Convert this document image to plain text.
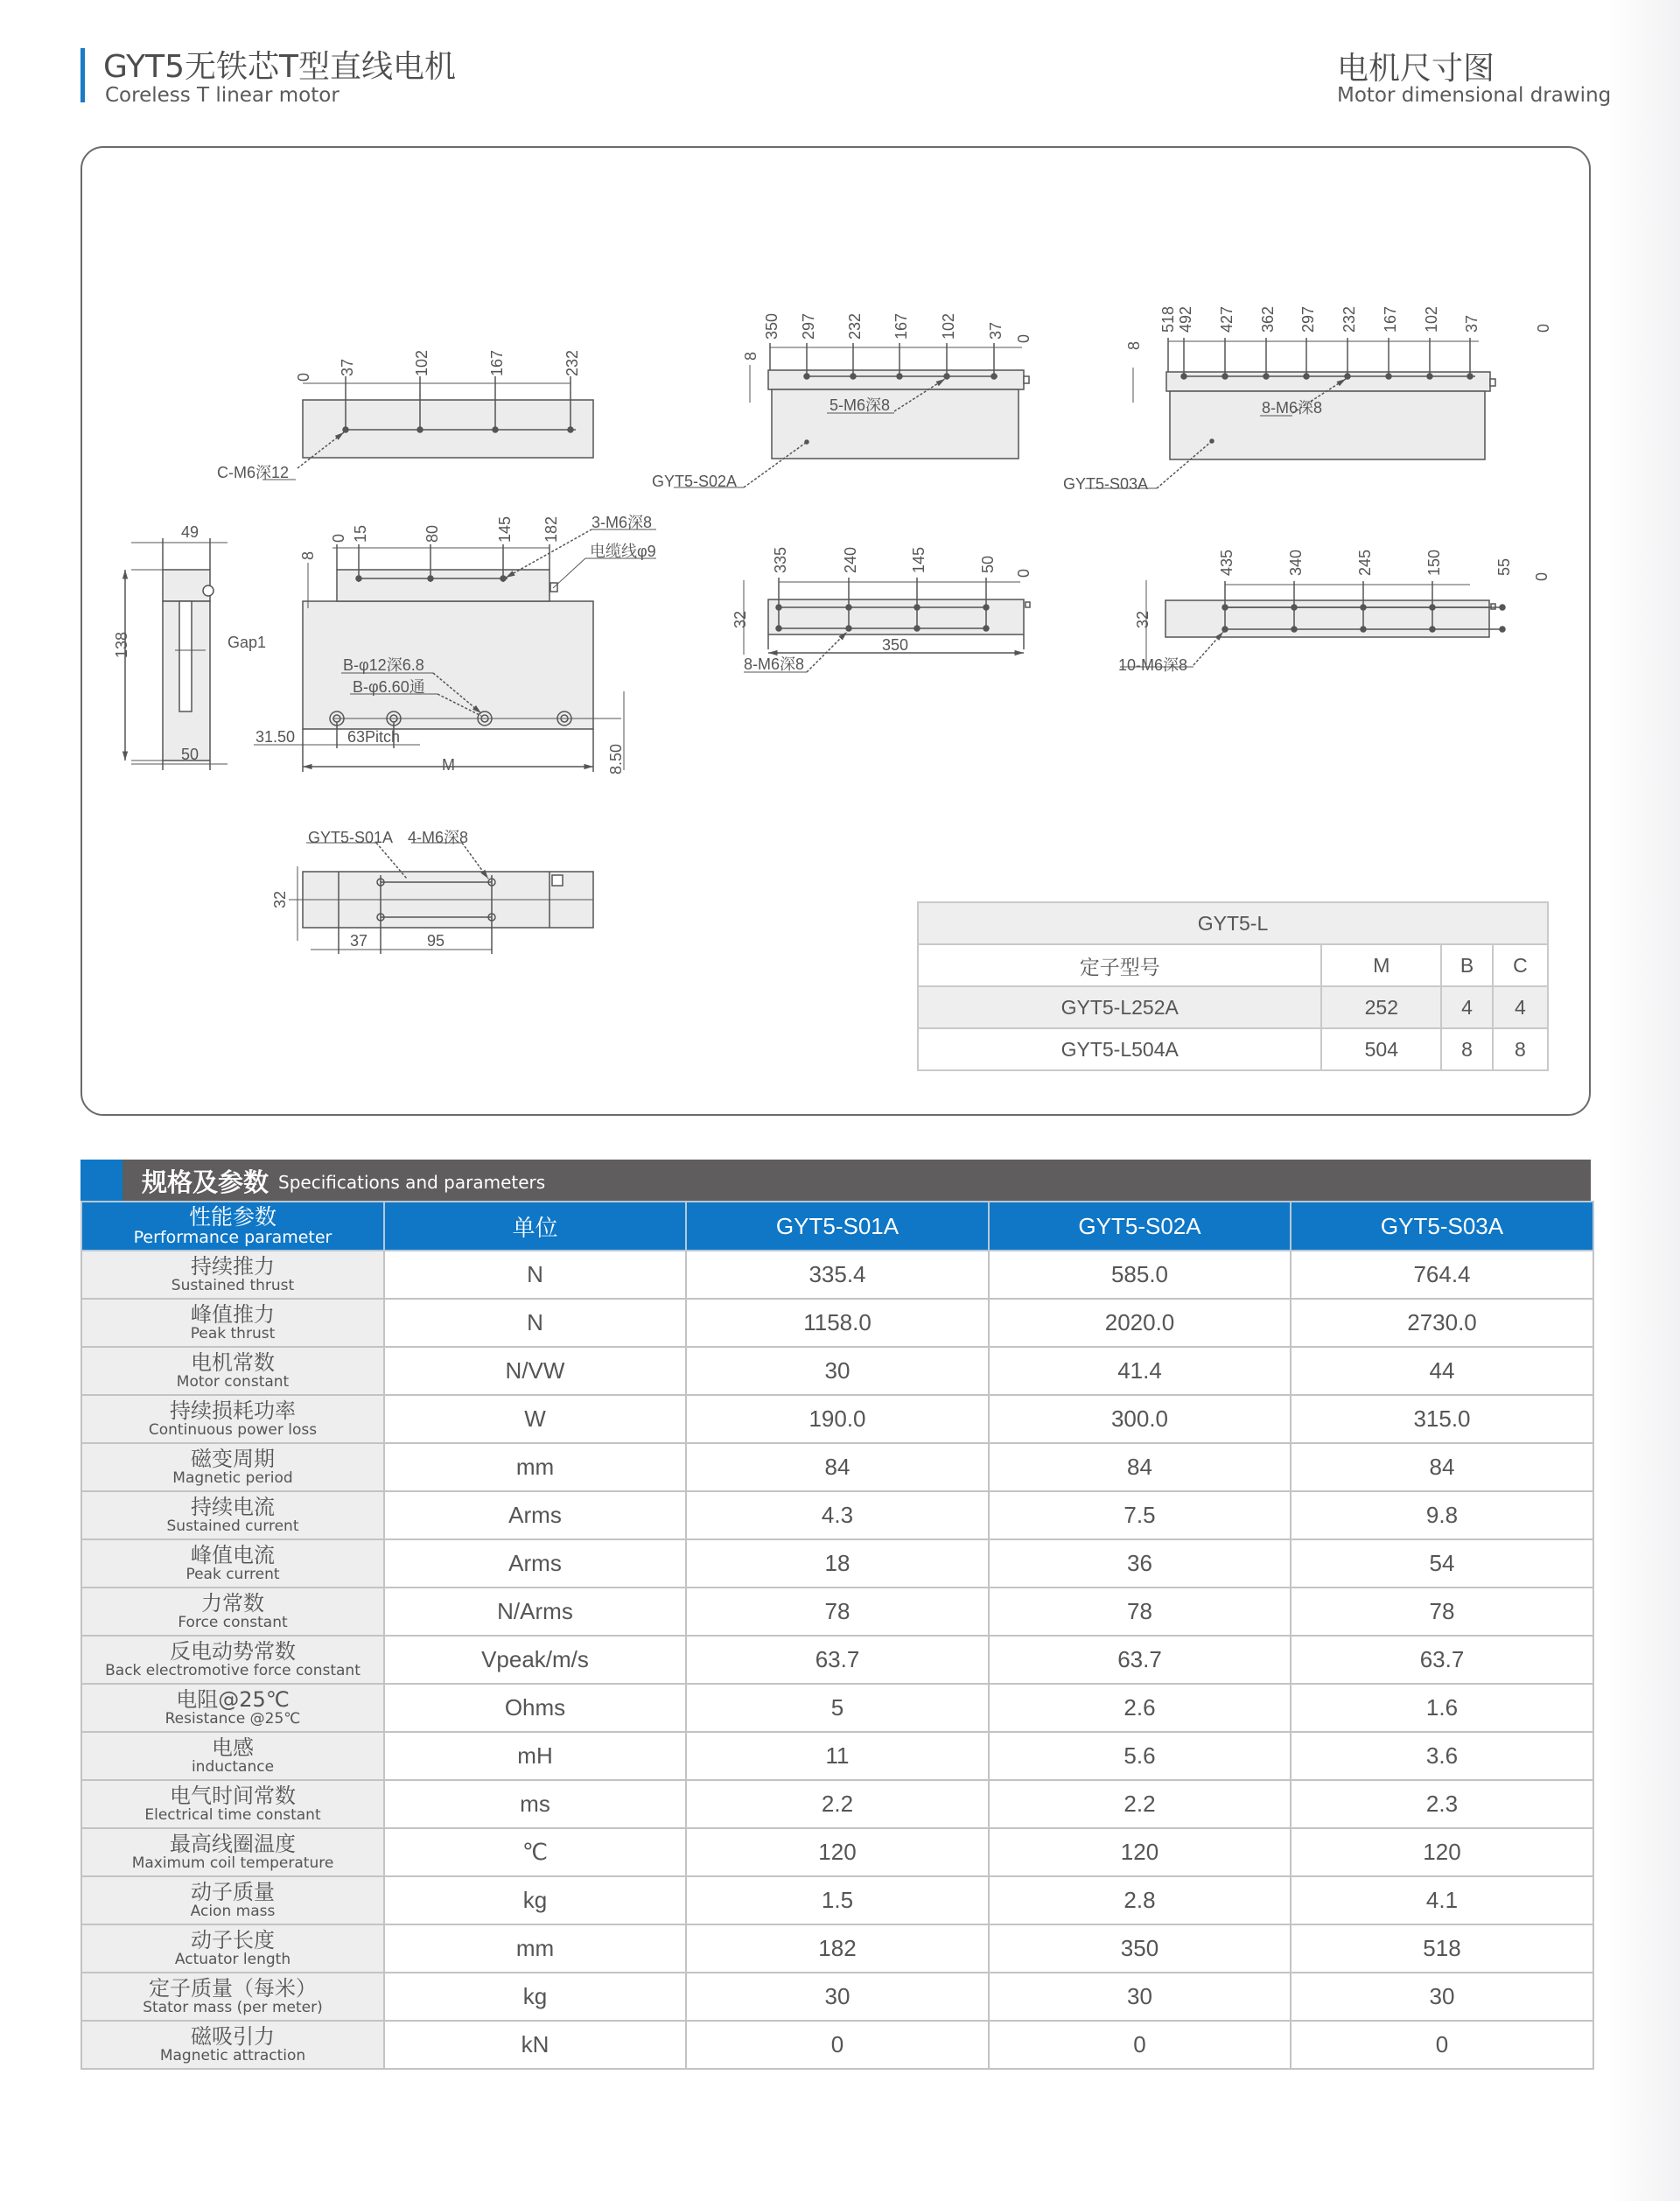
GYT5无铁芯T型直线电机
Coreless T linear motor
电机尺寸图
Motor dimensional drawing
0
37	102	167	232
C-M6深12
350 297 232 167 102 37 0
8
5-M6深8
GYT5-S02A
518 492 427 362 297 232 167 102 37	0
8
8-M6深8
GYT5-S03A
49
138	Gap1
50
0 15	80	145 182
8
3-M6深8
电缆线φ9
B-φ12深6.8
B-φ6.60通
31.50	63Pitch
M	8.50
335	240	145	50 0
32
350
8-M6深8
435	340	245	150	55
0
32
10-M6深8
GYT5-S01A 4-M6深8
32
37	95
GYT5-L			
定子型号	M	B	C
GYT5-L252A	252	4	4
GYT5-L504A	504	8	8
规格及参数 Specifications and parameters
性能参数
Performance parameter	单位	GYT5-S01A	GYT5-S02A	GYT5-S03A

持续推力
Sustained thrust	N	335.4	585.0	764.4

峰值推力
Peak thrust	N	1158.0	2020.0	2730.0

电机常数
Motor constant	N/VW	30	41.4	44

持续损耗功率
Continuous power loss	W	190.0	300.0	315.0

磁变周期
Magnetic period	mm	84	84	84

持续电流
Sustained current	Arms	4.3	7.5	9.8

峰值电流
Peak current	Arms	18	36	54

力常数
Force constant	N/Arms	78	78	78

反电动势常数
Back electromotive force constant	Vpeak/m/s	63.7	63.7	63.7

电阻@25℃
Resistance @25℃	Ohms	5	2.6	1.6

电感
inductance	mH	11	5.6	3.6

电气时间常数
Electrical time constant	ms	2.2	2.2	2.3

最高线圈温度
Maximum coil temperature	℃	120	120	120

动子质量
Acion mass	kg	1.5	2.8	4.1

动子长度
Actuator length	mm	182	350	518

定子质量（每米）
Stator mass (per meter)	kg	30	30	30

磁吸引力
Magnetic attraction	kN	0	0	0
